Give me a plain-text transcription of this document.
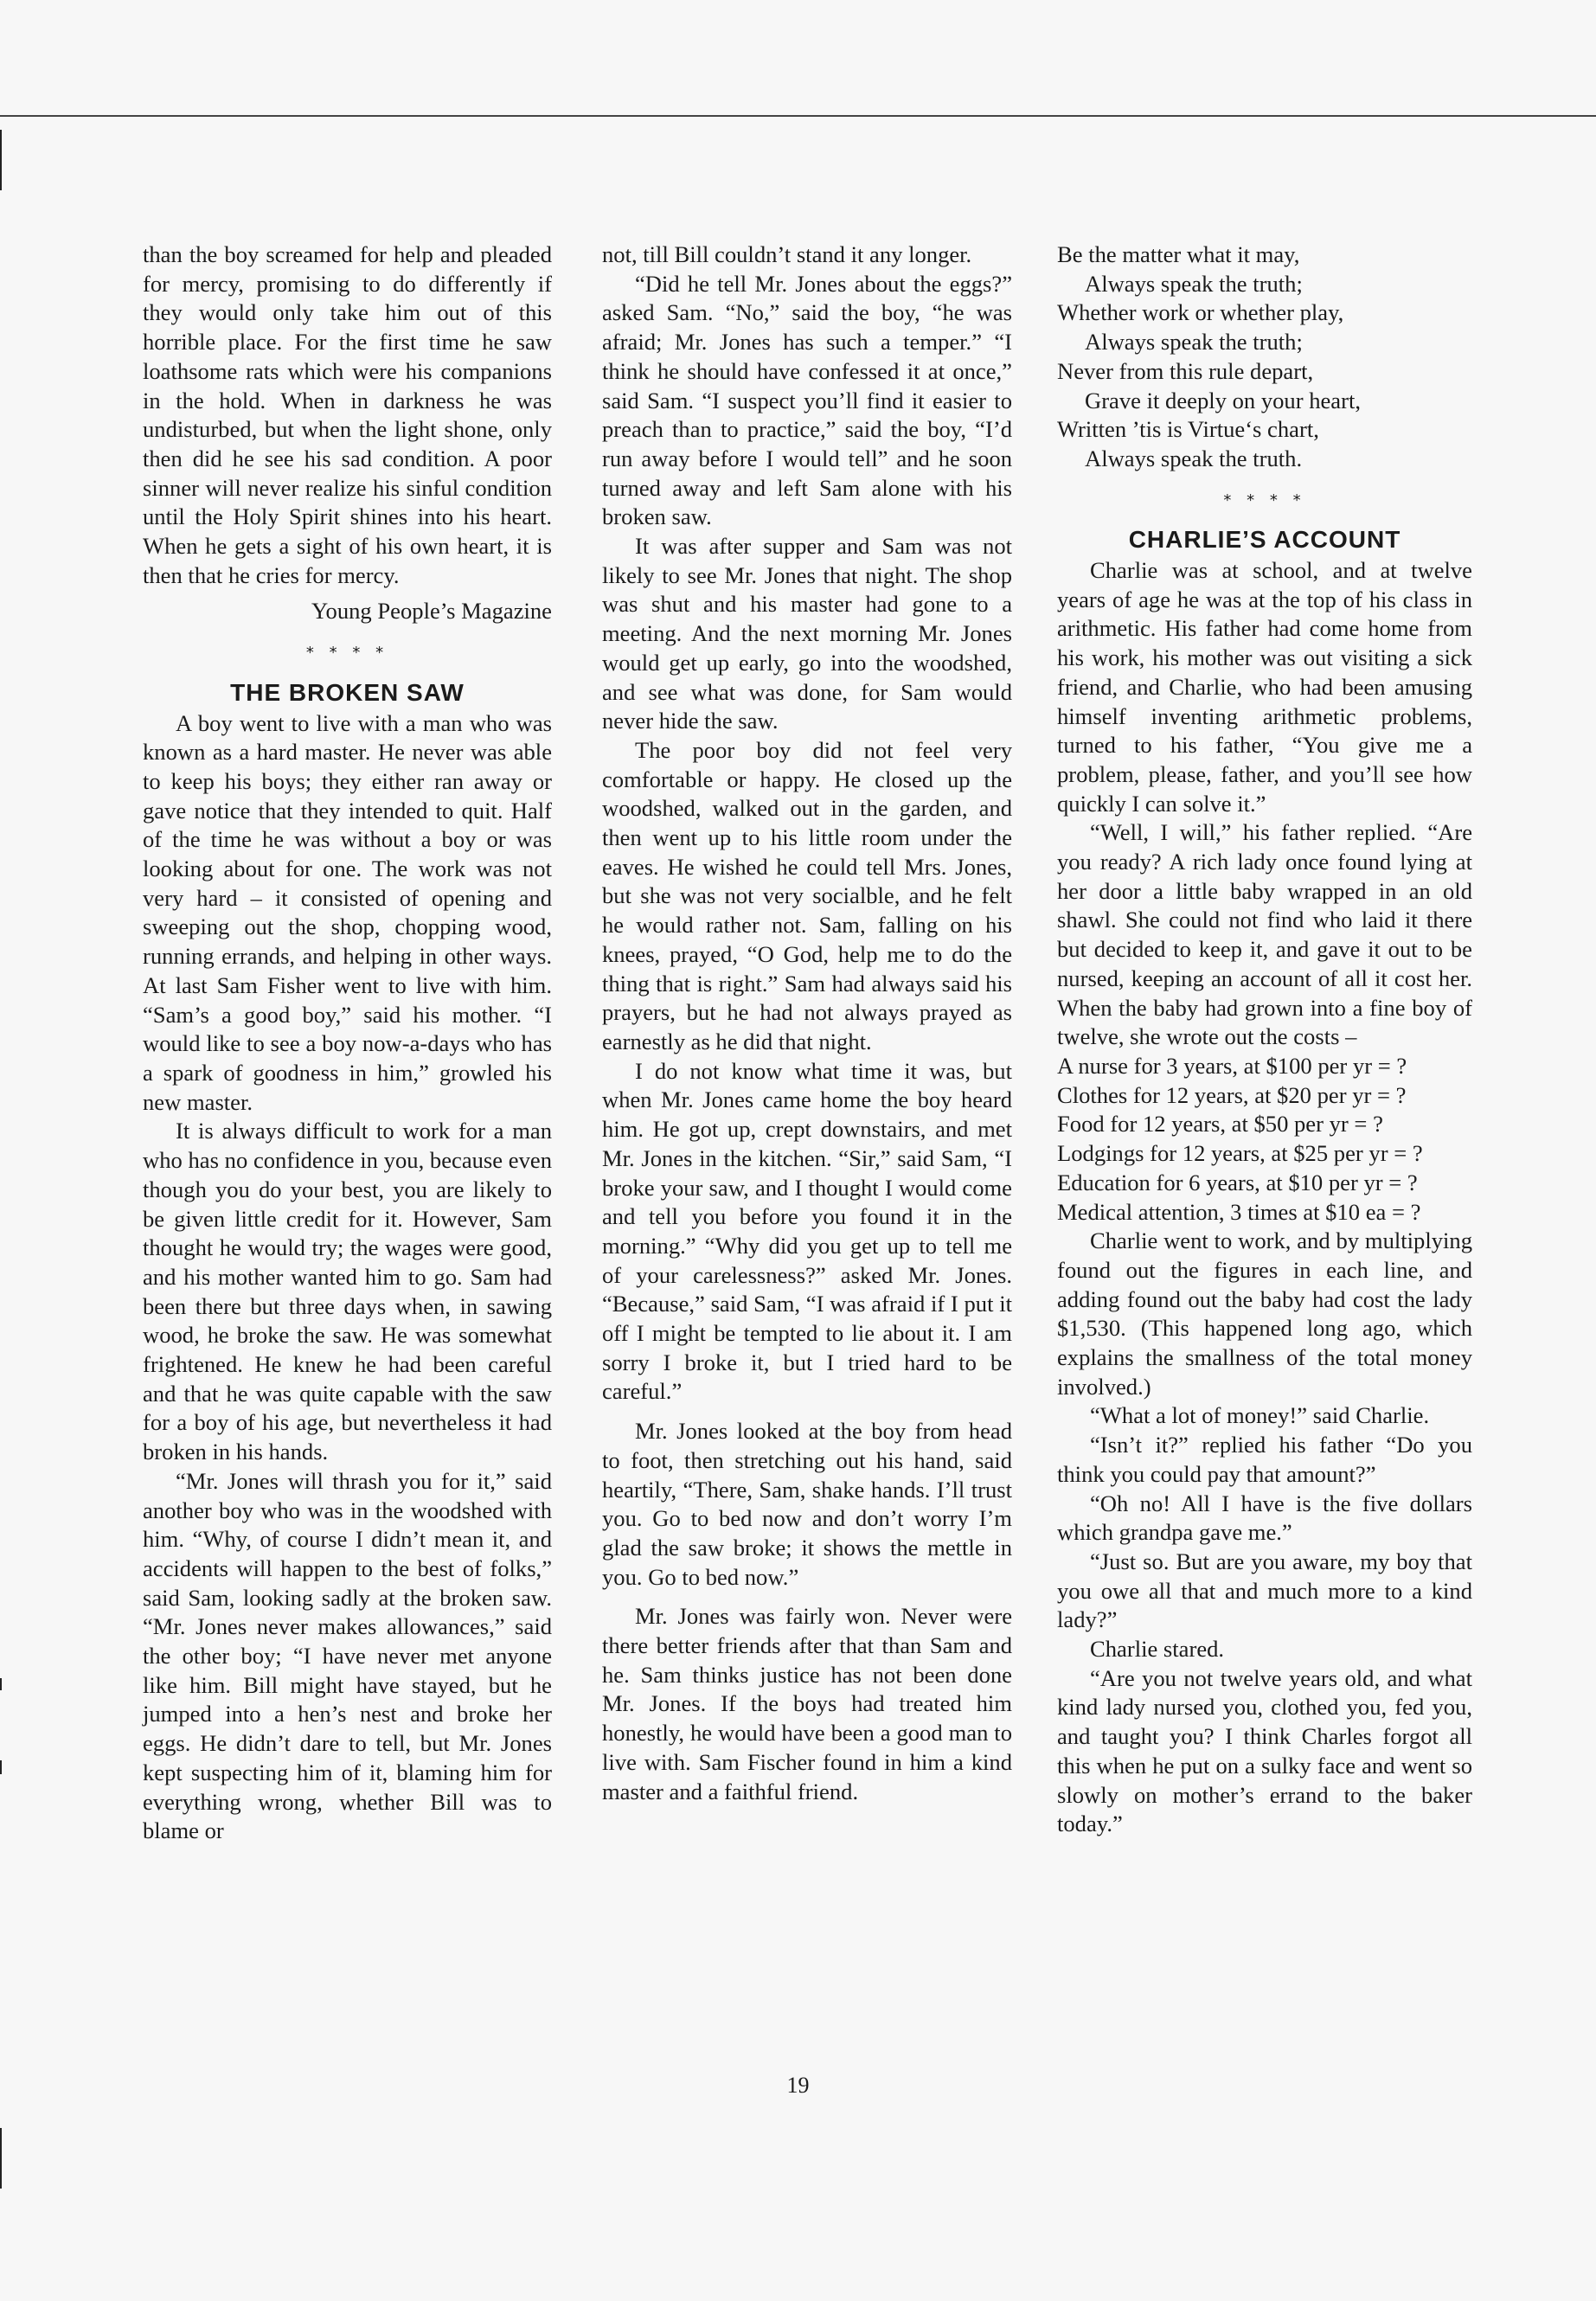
than the boy screamed for help and pleaded for mercy, promising to do differently if they would only take him out of this horrible place. For the first time he saw loathsome rats which were his companions in the hold. When in darkness he was undisturbed, but when the light shone, only then did he see his sad condition. A poor sinner will never realize his sinful condition until the Holy Spirit shines into his heart. When he gets a sight of his own heart, it is then that he cries for mercy.

Young People’s Magazine
* * * *
THE BROKEN SAW

A boy went to live with a man who was known as a hard master. He never was able to keep his boys; they either ran away or gave notice that they intended to quit. Half of the time he was without a boy or was looking about for one. The work was not very hard – it consisted of opening and sweeping out the shop, chopping wood, running errands, and helping in other ways. At last Sam Fisher went to live with him. “Sam’s a good boy,” said his mother. “I would like to see a boy now-a-days who has a spark of goodness in him,” growled his new master.

It is always difficult to work for a man who has no confidence in you, because even though you do your best, you are likely to be given little credit for it. However, Sam thought he would try; the wages were good, and his mother wanted him to go. Sam had been there but three days when, in sawing wood, he broke the saw. He was somewhat frightened. He knew he had been careful and that he was quite capable with the saw for a boy of his age, but nevertheless it had broken in his hands.

“Mr. Jones will thrash you for it,” said another boy who was in the woodshed with him. “Why, of course I didn’t mean it, and accidents will happen to the best of folks,” said Sam, looking sadly at the broken saw. “Mr. Jones never makes allowances,” said the other boy; “I have never met anyone like him. Bill might have stayed, but he jumped into a hen’s nest and broke her eggs. He didn’t dare to tell, but Mr. Jones kept suspecting him of it, blaming him for everything wrong, whether Bill was to blame or

not, till Bill couldn’t stand it any longer.

“Did he tell Mr. Jones about the eggs?” asked Sam. “No,” said the boy, “he was afraid; Mr. Jones has such a temper.” “I think he should have confessed it at once,” said Sam. “I suspect you’ll find it easier to preach than to practice,” said the boy, “I’d run away before I would tell” and he soon turned away and left Sam alone with his broken saw.

It was after supper and Sam was not likely to see Mr. Jones that night. The shop was shut and his master had gone to a meeting. And the next morning Mr. Jones would get up early, go into the woodshed, and see what was done, for Sam would never hide the saw.

The poor boy did not feel very comfortable or happy. He closed up the woodshed, walked out in the garden, and then went up to his little room under the eaves. He wished he could tell Mrs. Jones, but she was not very socialble, and he felt he would rather not. Sam, falling on his knees, prayed, “O God, help me to do the thing that is right.” Sam had always said his prayers, but he had not always prayed as earnestly as he did that night.

I do not know what time it was, but when Mr. Jones came home the boy heard him. He got up, crept downstairs, and met Mr. Jones in the kitchen. “Sir,” said Sam, “I broke your saw, and I thought I would come and tell you before you found it in the morning.” “Why did you get up to tell me of your carelessness?” asked Mr. Jones. “Because,” said Sam, “I was afraid if I put it off I might be tempted to lie about it. I am sorry I broke it, but I tried hard to be careful.”

Mr. Jones looked at the boy from head to foot, then stretching out his hand, said heartily, “There, Sam, shake hands. I’ll trust you. Go to bed now and don’t worry I’m glad the saw broke; it shows the mettle in you. Go to bed now.”

Mr. Jones was fairly won. Never were there better friends after that than Sam and he. Sam thinks justice has not been done Mr. Jones. If the boys had treated him honestly, he would have been a good man to live with. Sam Fischer found in him a kind master and a faithful friend.

Be the matter what it may,
Always speak the truth;
Whether work or whether play,
Always speak the truth;
Never from this rule depart,
Grave it deeply on your heart,
Written ’tis is Virtue‘s chart,
Always speak the truth.
* * * *
CHARLIE’S ACCOUNT

Charlie was at school, and at twelve years of age he was at the top of his class in arithmetic. His father had come home from his work, his mother was out visiting a sick friend, and Charlie, who had been amusing himself inventing arithmetic problems, turned to his father, “You give me a problem, please, father, and you’ll see how quickly I can solve it.”

“Well, I will,” his father replied. “Are you ready? A rich lady once found lying at her door a little baby wrapped in an old shawl. She could not find who laid it there but decided to keep it, and gave it out to be nursed, keeping an account of all it cost her. When the baby had grown into a fine boy of twelve, she wrote out the costs –

A nurse for 3 years, at $100 per yr = ?
Clothes for 12 years, at $20 per yr = ?
Food for 12 years, at $50 per yr = ?
Lodgings for 12 years, at $25 per yr = ?
Education for 6 years, at $10 per yr = ?
Medical attention, 3 times at $10 ea = ?

Charlie went to work, and by multiplying found out the figures in each line, and adding found out the baby had cost the lady $1,530. (This happened long ago, which explains the smallness of the total money involved.)

“What a lot of money!” said Charlie.

“Isn’t it?” replied his father “Do you think you could pay that amount?”

“Oh no! All I have is the five dollars which grandpa gave me.”

“Just so. But are you aware, my boy that you owe all that and much more to a kind lady?”

Charlie stared.

“Are you not twelve years old, and what kind lady nursed you, clothed you, fed you, and taught you? I think Charles forgot all this when he put on a sulky face and went so slowly on mother’s errand to the baker today.”

19
